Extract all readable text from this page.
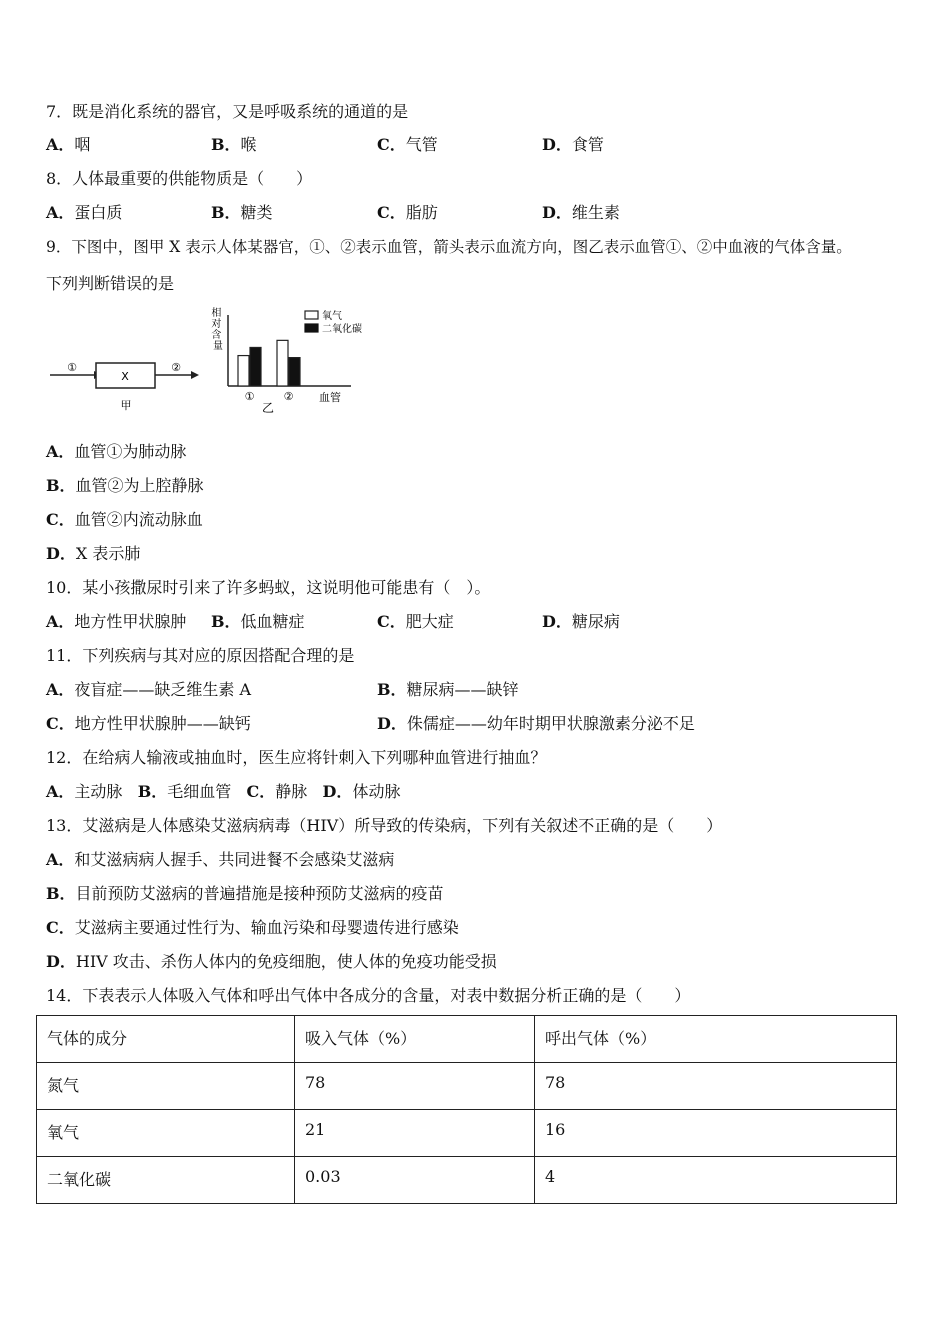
7．既是消化系统的器官，又是呼吸系统的通道的是
A．咽	B．喉	C．气管	D．食管
8．人体最重要的供能物质是（　　）
A．蛋白质	B．糖类	C．脂肪	D．维生素
9．下图中，图甲 X 表示人体某器官，①、②表示血管，箭头表示血流方向，图乙表示血管①、②中血液的气体含量。
下列判断错误的是
①
X
②
甲
相 对 含 量
血管
乙
①	②
氧气
二氧化碳
A．血管①为肺动脉
B．血管②为上腔静脉
C．血管②内流动脉血
D．X 表示肺
10．某小孩撒尿时引来了许多蚂蚁，这说明他可能患有（　）。
A．地方性甲状腺肿 B．低血糖症	C．肥大症	D．糖尿病
11．下列疾病与其对应的原因搭配合理的是
A．夜盲症——缺乏维生素 A	B．糖尿病——缺锌
C．地方性甲状腺肿——缺钙	D．侏儒症——幼年时期甲状腺激素分泌不足
12．在给病人输液或抽血时，医生应将针刺入下列哪种血管进行抽血？
A．主动脉 B．毛细血管 C．静脉 D．体动脉
13．艾滋病是人体感染艾滋病病毒（HIV）所导致的传染病，下列有关叙述不正确的是（　　）
A．和艾滋病病人握手、共同进餐不会感染艾滋病
B．目前预防艾滋病的普遍措施是接种预防艾滋病的疫苗
C．艾滋病主要通过性行为、输血污染和母婴遗传进行感染
D．HIV 攻击、杀伤人体内的免疫细胞，使人体的免疫功能受损
14．下表表示人体吸入气体和呼出气体中各成分的含量，对表中数据分析正确的是（　　）
气体的成分	吸入气体（%）	呼出气体（%）
氮气	78	78
氧气	21	16
二氧化碳	0.03	4
